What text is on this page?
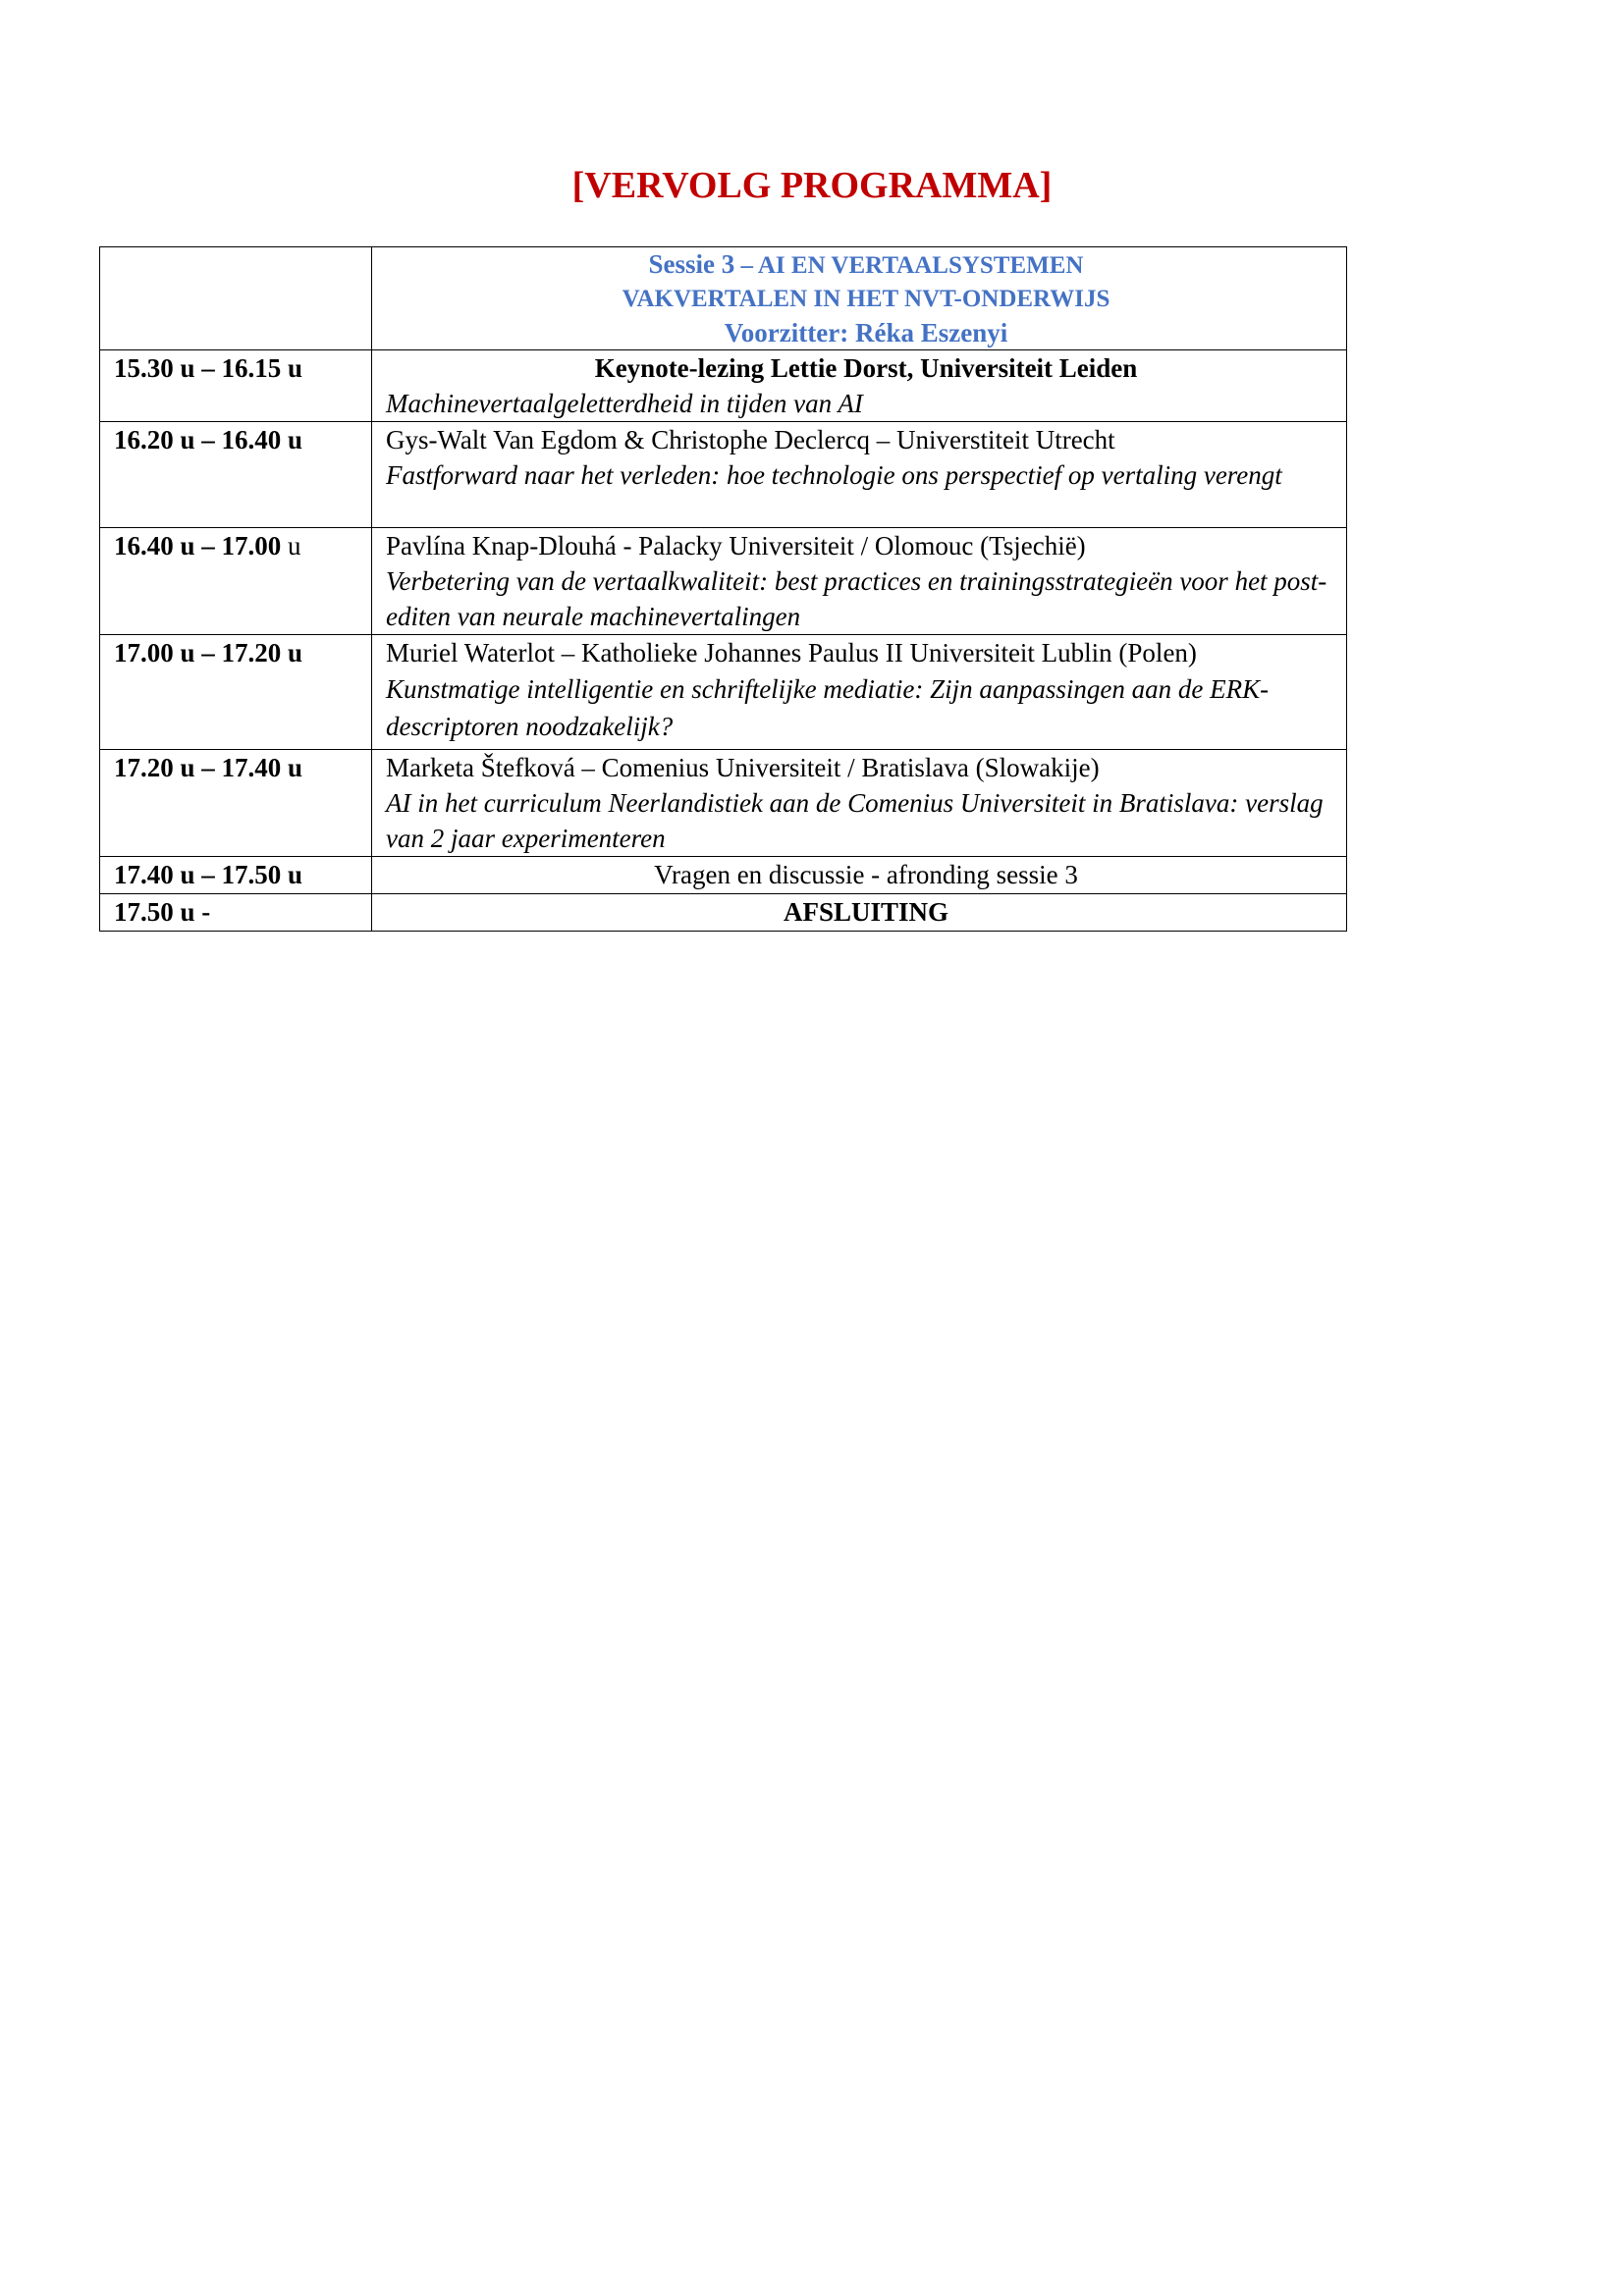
[VERVOLG PROGRAMMA]

	Sessie 3 – AI EN VERTAALSYSTEMEN
VAKVERTALEN IN HET NVT-ONDERWIJS
Voorzitter: Réka Eszenyi

15.30 u – 16.15 u	Keynote-lezing Lettie Dorst, Universiteit Leiden
Machinevertaalgeletterdheid in tijden van AI

16.20 u – 16.40 u	Gys-Walt Van Egdom & Christophe Declercq – Universtiteit Utrecht
Fastforward naar het verleden: hoe technologie ons perspectief op vertaling verengt

16.40 u – 17.00 u	Pavlína Knap-Dlouhá - Palacky Universiteit / Olomouc (Tsjechië)
Verbetering van de vertaalkwaliteit: best practices en trainingsstrategieën voor het post-editen van neurale machinevertalingen

17.00 u – 17.20 u	Muriel Waterlot – Katholieke Johannes Paulus II Universiteit Lublin (Polen)
Kunstmatige intelligentie en schriftelijke mediatie: Zijn aanpassingen aan de ERK-descriptoren noodzakelijk?

17.20 u – 17.40 u	Marketa Štefková – Comenius Universiteit / Bratislava (Slowakije)
AI in het curriculum Neerlandistiek aan de Comenius Universiteit in Bratislava: verslag van 2 jaar experimenteren

17.40 u – 17.50 u	Vragen en discussie - afronding sessie 3

17.50 u -	AFSLUITING
